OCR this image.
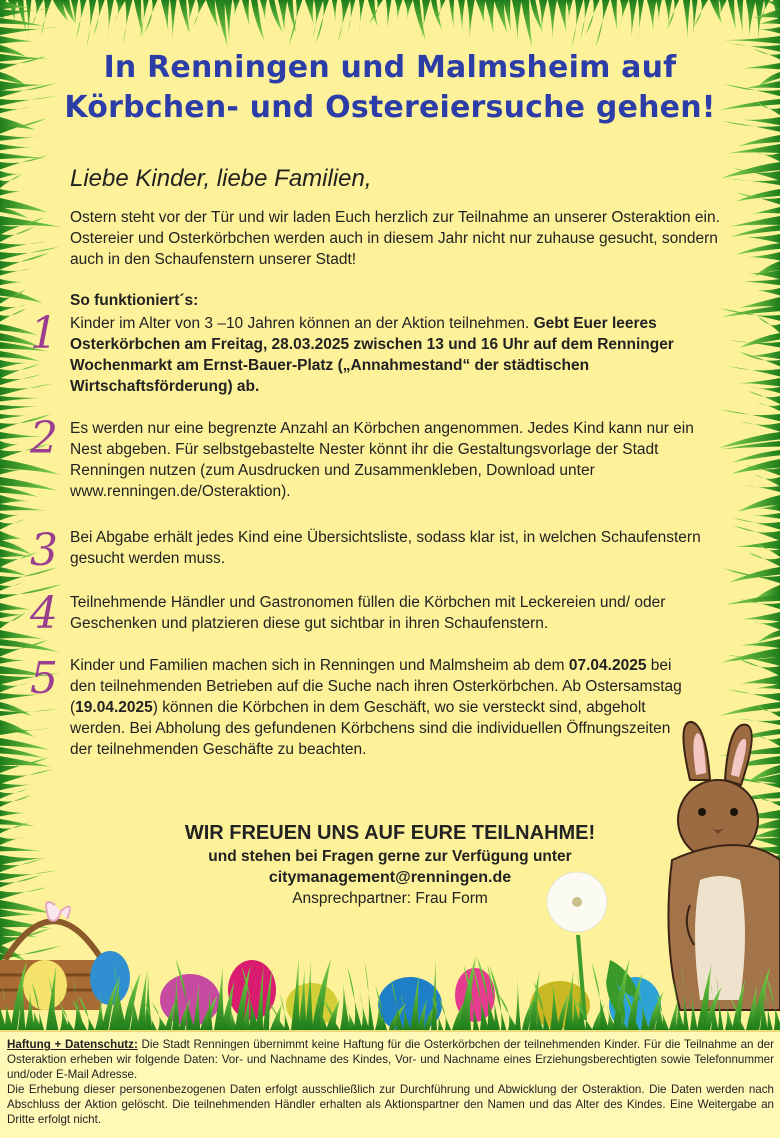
In Renningen und Malmsheim auf
Körbchen- und Ostereiersuche gehen!
Liebe Kinder, liebe Familien,
Ostern steht vor der Tür und wir laden Euch herzlich zur Teilnahme an unserer Osteraktion ein. Ostereier und Osterkörbchen werden auch in diesem Jahr nicht nur zuhause gesucht, sondern auch in den Schaufenstern unserer Stadt!
So funktioniert´s:
1 Kinder im Alter von 3 –10 Jahren können an der Aktion teilnehmen. Gebt Euer leeres Osterkörbchen am Freitag, 28.03.2025 zwischen 13 und 16 Uhr auf dem Renninger Wochenmarkt am Ernst-Bauer-Platz („Annahmestand“ der städtischen Wirtschaftsförderung) ab.
2 Es werden nur eine begrenzte Anzahl an Körbchen angenommen. Jedes Kind kann nur ein Nest abgeben. Für selbstgebastelte Nester könnt ihr die Gestaltungsvorlage der Stadt Renningen nutzen (zum Ausdrucken und Zusammenkleben, Download unter www.renningen.de/Osteraktion).
3 Bei Abgabe erhält jedes Kind eine Übersichtsliste, sodass klar ist, in welchen Schaufenstern gesucht werden muss.
4 Teilnehmende Händler und Gastronomen füllen die Körbchen mit Leckereien und/ oder Geschenken und platzieren diese gut sichtbar in ihren Schaufenstern.
5 Kinder und Familien machen sich in Renningen und Malmsheim ab dem 07.04.2025 bei den teilnehmenden Betrieben auf die Suche nach ihren Osterkörbchen. Ab Ostersamstag (19.04.2025) können die Körbchen in dem Geschäft, wo sie versteckt sind, abgeholt werden. Bei Abholung des gefundenen Körbchens sind die individuellen Öffnungszeiten der teilnehmenden Geschäfte zu beachten.
WIR FREUEN UNS AUF EURE TEILNAHME!
und stehen bei Fragen gerne zur Verfügung unter
citymanagement@renningen.de
Ansprechpartner: Frau Form
Haftung + Datenschutz: Die Stadt Renningen übernimmt keine Haftung für die Osterkörbchen der teilnehmenden Kinder. Für die Teilnahme an der Osteraktion erheben wir folgende Daten: Vor- und Nachname des Kindes, Vor- und Nachname eines Erziehungsberechtigten sowie Telefonnummer und/oder E-Mail Adresse.
Die Erhebung dieser personenbezogenen Daten erfolgt ausschließlich zur Durchführung und Abwicklung der Osteraktion. Die Daten werden nach Abschluss der Aktion gelöscht. Die teilnehmenden Händler erhalten als Aktionspartner den Namen und das Alter des Kindes. Eine Weitergabe an Dritte erfolgt nicht.
